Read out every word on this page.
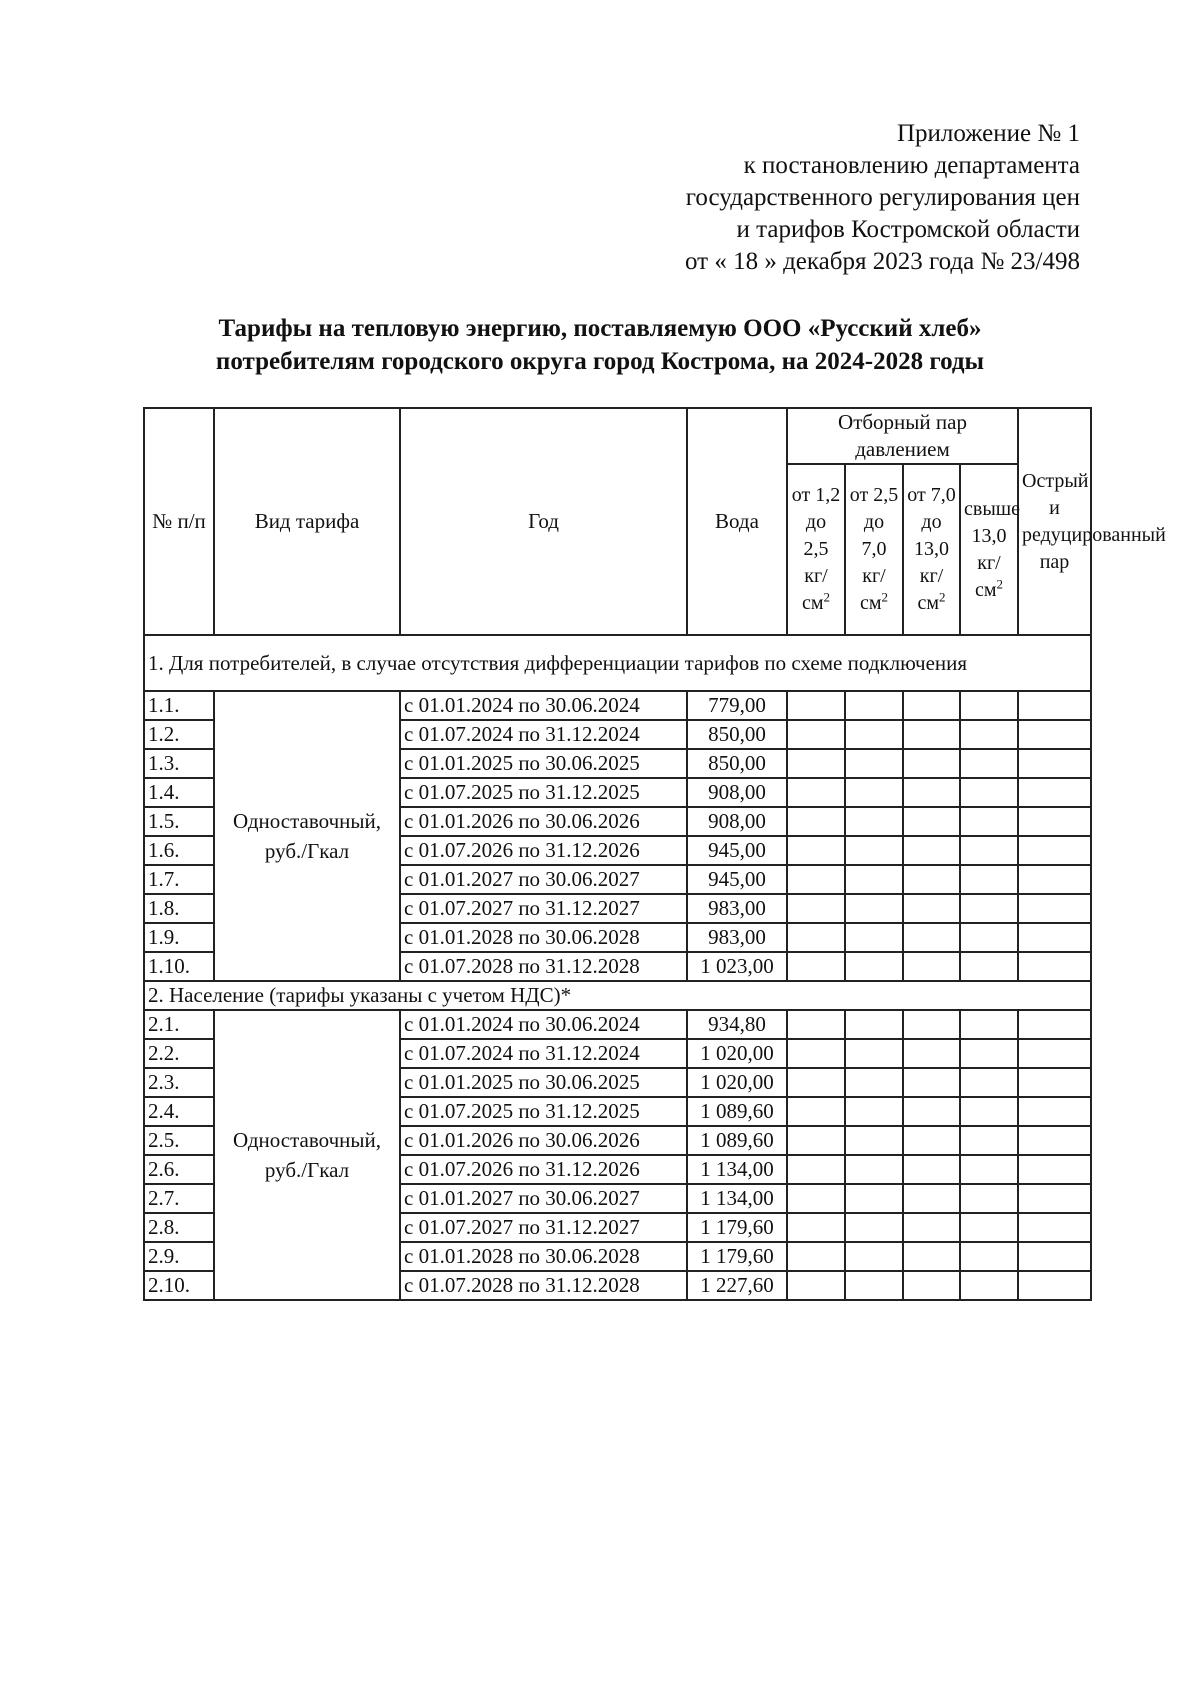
Приложение № 1
к постановлению департамента
государственного регулирования цен
и тарифов Костромской области
от « 18 » декабря 2023 года № 23/498
Тарифы на тепловую энергию, поставляемую ООО «Русский хлеб»
потребителям городского округа город Кострома, на 2024-2028 годы
№ п/п	Вид тарифа	Год	Вода	Отборный пар давлением				Острый и редуцированный пар
				от 1,2 до 2,5 $кг/см^2$	от 2,5 до 7,0 $кг/см^2$	от 7,0 до 13,0 $кг/см^2$	свыше 13,0 $кг/см^2$
1. Для потребителей, в случае отсутствия дифференциации тарифов по схеме подключения								
1.1.	Одноставочный, руб./Гкал	с 01.01.2024 по 30.06.2024	779,00					
1.2.		с 01.07.2024 по 31.12.2024	850,00					
1.3.		с 01.01.2025 по 30.06.2025	850,00					
1.4.		с 01.07.2025 по 31.12.2025	908,00					
1.5.		с 01.01.2026 по 30.06.2026	908,00					
1.6.		с 01.07.2026 по 31.12.2026	945,00					
1.7.		с 01.01.2027 по 30.06.2027	945,00					
1.8.		с 01.07.2027 по 31.12.2027	983,00					
1.9.		с 01.01.2028 по 30.06.2028	983,00					
1.10.		с 01.07.2028 по 31.12.2028	1 023,00					
2. Население (тарифы указаны с учетом НДС)*								
2.1.	Одноставочный, руб./Гкал	с 01.01.2024 по 30.06.2024	934,80					
2.2.		с 01.07.2024 по 31.12.2024	1 020,00					
2.3.		с 01.01.2025 по 30.06.2025	1 020,00					
2.4.		с 01.07.2025 по 31.12.2025	1 089,60					
2.5.		с 01.01.2026 по 30.06.2026	1 089,60					
2.6.		с 01.07.2026 по 31.12.2026	1 134,00					
2.7.		с 01.01.2027 по 30.06.2027	1 134,00					
2.8.		с 01.07.2027 по 31.12.2027	1 179,60					
2.9.		с 01.01.2028 по 30.06.2028	1 179,60					
2.10.		с 01.07.2028 по 31.12.2028	1 227,60					
